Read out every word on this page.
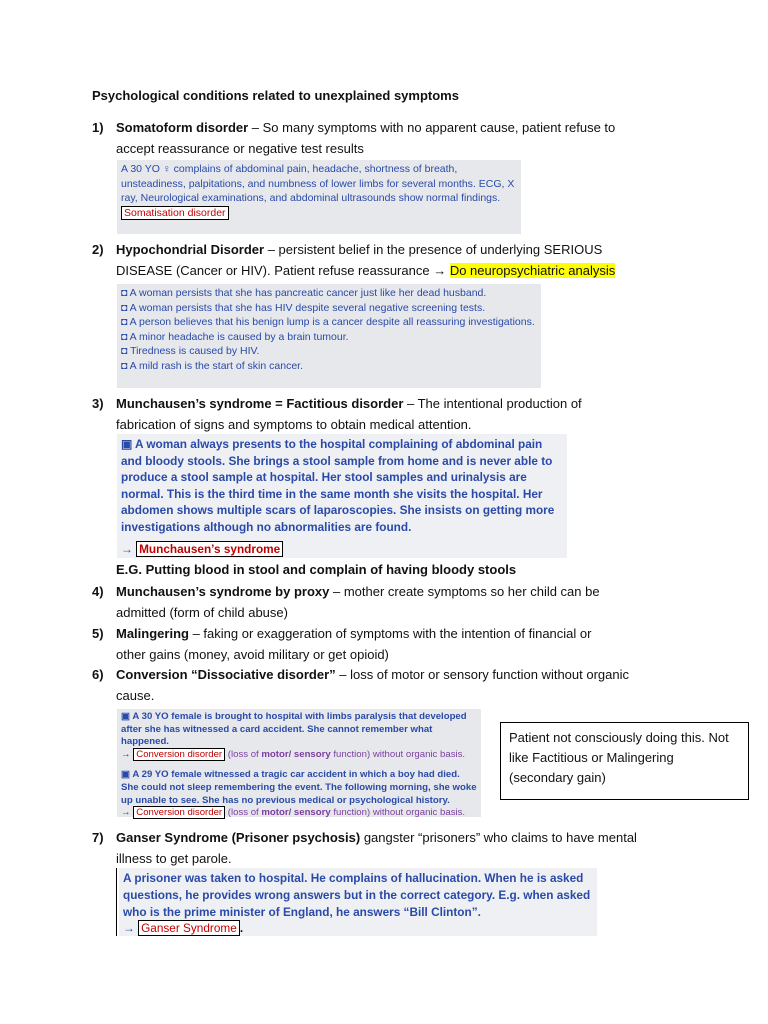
Psychological conditions related to unexplained symptoms
1) Somatoform disorder – So many symptoms with no apparent cause, patient refuse to
accept reassurance or negative test results

A 30 YO ♀ complains of abdominal pain, headache, shortness of breath, unsteadiness, palpitations, and numbness of lower limbs for several months. ECG, X ray, Neurological examinations, and abdominal ultrasounds show normal findings.

Somatisation disorder
2) Hypochondrial Disorder – persistent belief in the presence of underlying SERIOUS
DISEASE (Cancer or HIV). Patient refuse reassurance → Do neuropsychiatric analysis

◘ A woman persists that she has pancreatic cancer just like her dead husband.

◘ A woman persists that she has HIV despite several negative screening tests.

◘ A person believes that his benign lump is a cancer despite all reassuring investigations.

◘ A minor headache is caused by a brain tumour.

◘ Tiredness is caused by HIV.

◘ A mild rash is the start of skin cancer.

3) Munchausen’s syndrome = Factitious disorder – The intentional production of
fabrication of signs and symptoms to obtain medical attention.

▣ A woman always presents to the hospital complaining of abdominal pain and bloody stools. She brings a stool sample from home and is never able to produce a stool sample at hospital. Her stool samples and urinalysis are normal. This is the third time in the same month she visits the hospital. Her abdomen shows multiple scars of laparoscopies. She insists on getting more investigations although no abnormalities are found.

→ Munchausen’s syndrome

E.G. Putting blood in stool and complain of having bloody stools
4) Munchausen’s syndrome by proxy – mother create symptoms so her child can be
admitted (form of child abuse)
5) Malingering – faking or exaggeration of symptoms with the intention of financial or
other gains (money, avoid military or get opioid)
6) Conversion “Dissociative disorder” – loss of motor or sensory function without organic
cause.

▣ A 30 YO female is brought to hospital with limbs paralysis that developed after she has witnessed a card accident. She cannot remember what happened.

→ Conversion disorder (loss of motor/ sensory function) without organic basis.

▣ A 29 YO female witnessed a tragic car accident in which a boy had died. She could not sleep remembering the event. The following morning, she woke up unable to see. She has no previous medical or psychological history.

→ Conversion disorder (loss of motor/ sensory function) without organic basis.

Patient not consciously doing this. Not like Factitious or Malingering (secondary gain)
7) Ganser Syndrome (Prisoner psychosis) gangster “prisoners” who claims to have mental
illness to get parole.
A prisoner was taken to hospital. He complains of hallucination. When he is asked questions, he provides wrong answers but in the correct category. E.g. when asked who is the prime minister of England, he answers “Bill Clinton”.
→ Ganser Syndrome .
